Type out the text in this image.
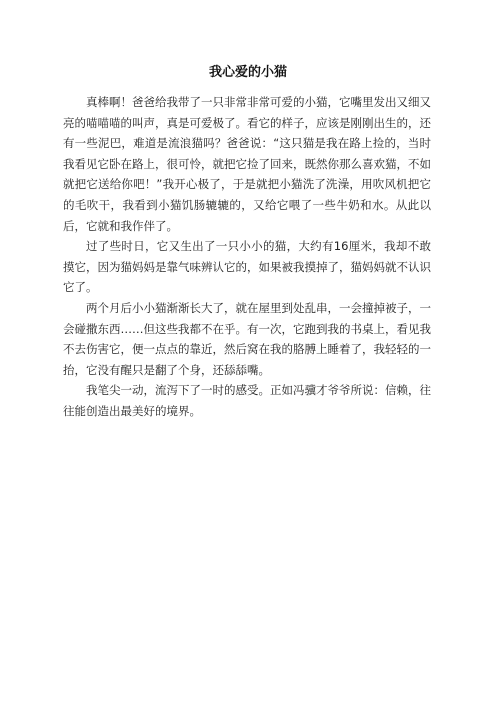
我心爱的小猫

真棒啊！爸爸给我带了一只非常非常可爱的小猫，它嘴里发出又细又亮的喵喵喵的叫声，真是可爱极了。看它的样子，应该是刚刚出生的，还有一些泥巴，难道是流浪猫吗？爸爸说：“这只猫是我在路上捡的，当时我看见它卧在路上，很可怜，就把它捡了回来，既然你那么喜欢猫，不如就把它送给你吧！”我开心极了，于是就把小猫洗了洗澡，用吹风机把它的毛吹干，我看到小猫饥肠辘辘的，又给它喂了一些牛奶和水。从此以后，它就和我作伴了。

过了些时日，它又生出了一只小小的猫，大约有16厘米，我却不敢摸它，因为猫妈妈是靠气味辨认它的，如果被我摸掉了，猫妈妈就不认识它了。

两个月后小小猫渐渐长大了，就在屋里到处乱串，一会撞掉被子，一会碰撒东西……但这些我都不在乎。有一次，它跑到我的书桌上，看见我不去伤害它，便一点点的靠近，然后窝在我的胳膊上睡着了，我轻轻的一抬，它没有醒只是翻了个身，还舔舔嘴。

我笔尖一动，流泻下了一时的感受。正如冯骥才爷爷所说：信赖，往往能创造出最美好的境界。
